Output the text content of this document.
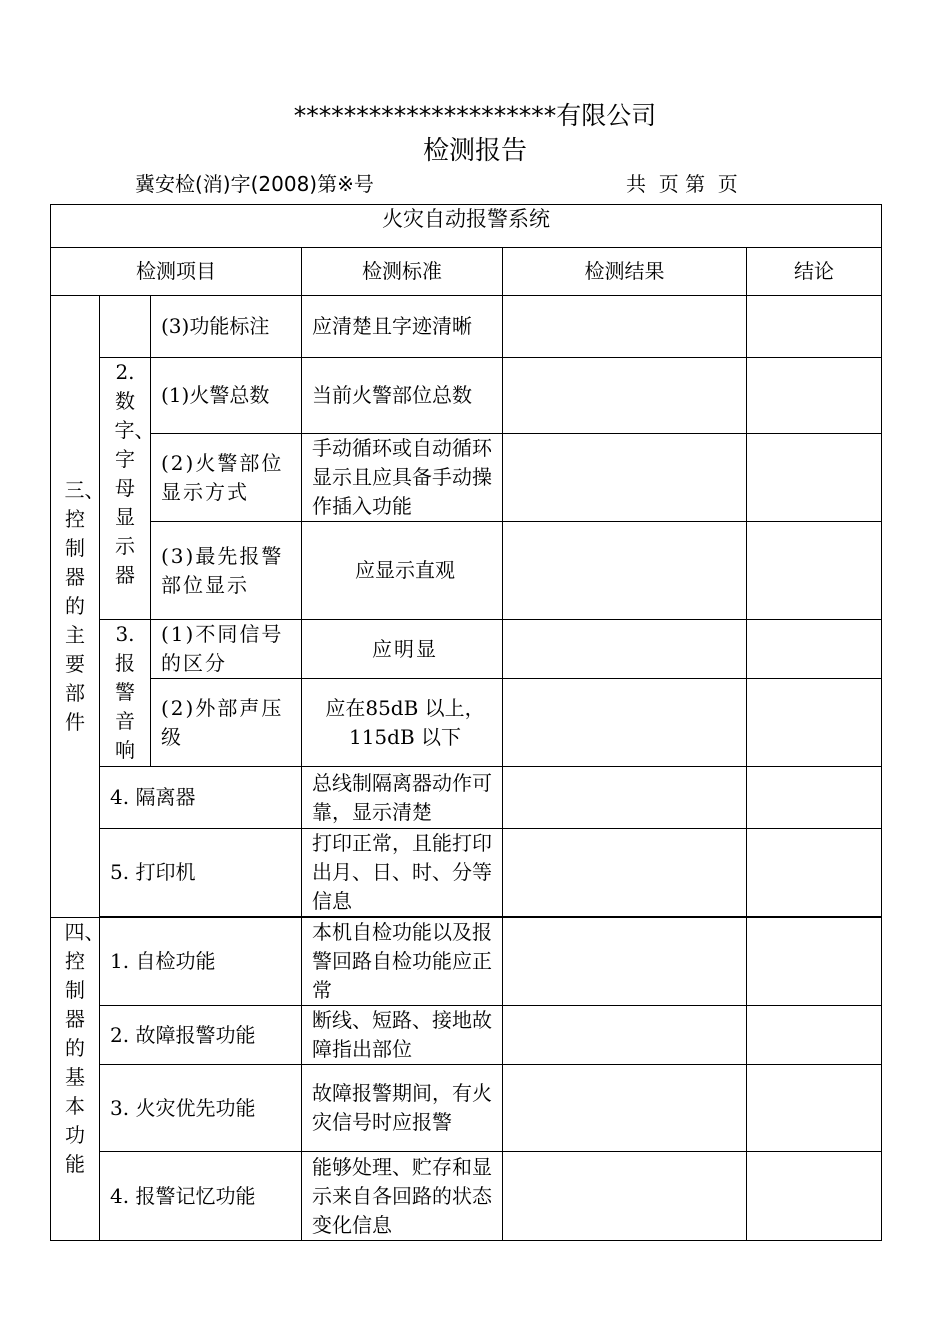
*********************有限公司
检测报告
冀安检(消)字(2008)第※号	共  页 第  页
火灾自动报警系统					
检测项目			检测标准	检测结果	结论
三、控制器的主要部件		(3)功能标注	应清楚且字迹清晰		
	2.数字、字母显示器	(1)火警总数	当前火警部位总数		
		(2)火警部位显示方式	手动循环或自动循环显示且应具备手动操作插入功能		
		(3)最先报警部位显示	应显示直观		
	3.报警音响	(1)不同信号的区分	应明显		
		(2)外部声压级	应在85dB 以上，115dB 以下		
	4. 隔离器		总线制隔离器动作可靠，显示清楚		
	5. 打印机		打印正常，且能打印出月、日、时、分等信息		

四、控制器的基本功能	1. 自检功能		本机自检功能以及报警回路自检功能应正常		
	2. 故障报警功能		断线、短路、接地故障指出部位		
	3. 火灾优先功能		故障报警期间，有火灾信号时应报警		
	4. 报警记忆功能		能够处理、贮存和显示来自各回路的状态变化信息		
